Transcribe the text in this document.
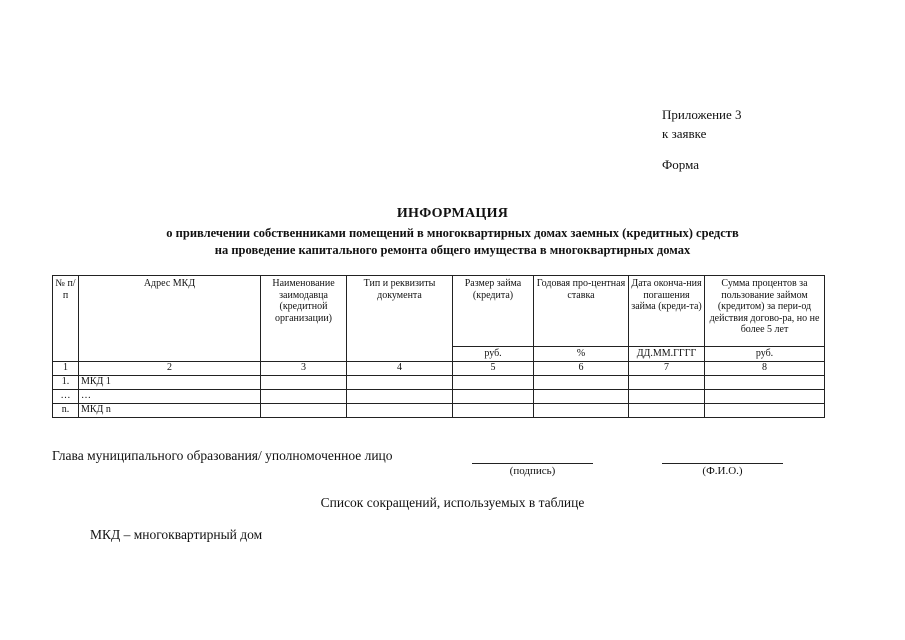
Приложение 3
к заявке
Форма
ИНФОРМАЦИЯ
о привлечении собственниками помещений в многоквартирных домах заемных (кредитных) средств
на проведение капитального ремонта общего имущества в многоквартирных домах
№ п/п	Адрес МКД	Наименование заимодавца (кредитной организации)	Тип и реквизиты документа	Размер займа (кредита)	Годовая про-центная ставка	Дата оконча-ния погашения займа (креди-та)	Сумма процентов за пользование займом (кредитом) за пери-од действия догово-ра, но не более 5 лет
				руб.	%	ДД.ММ.ГГГГ	руб.
1	2	3	4	5	6	7	8
1.	МКД 1						
…	…						
n.	МКД n						
Глава муниципального образования/ уполномоченное лицо
(подпись)	(Ф.И.О.)
Список сокращений, используемых в таблице
МКД – многоквартирный дом
